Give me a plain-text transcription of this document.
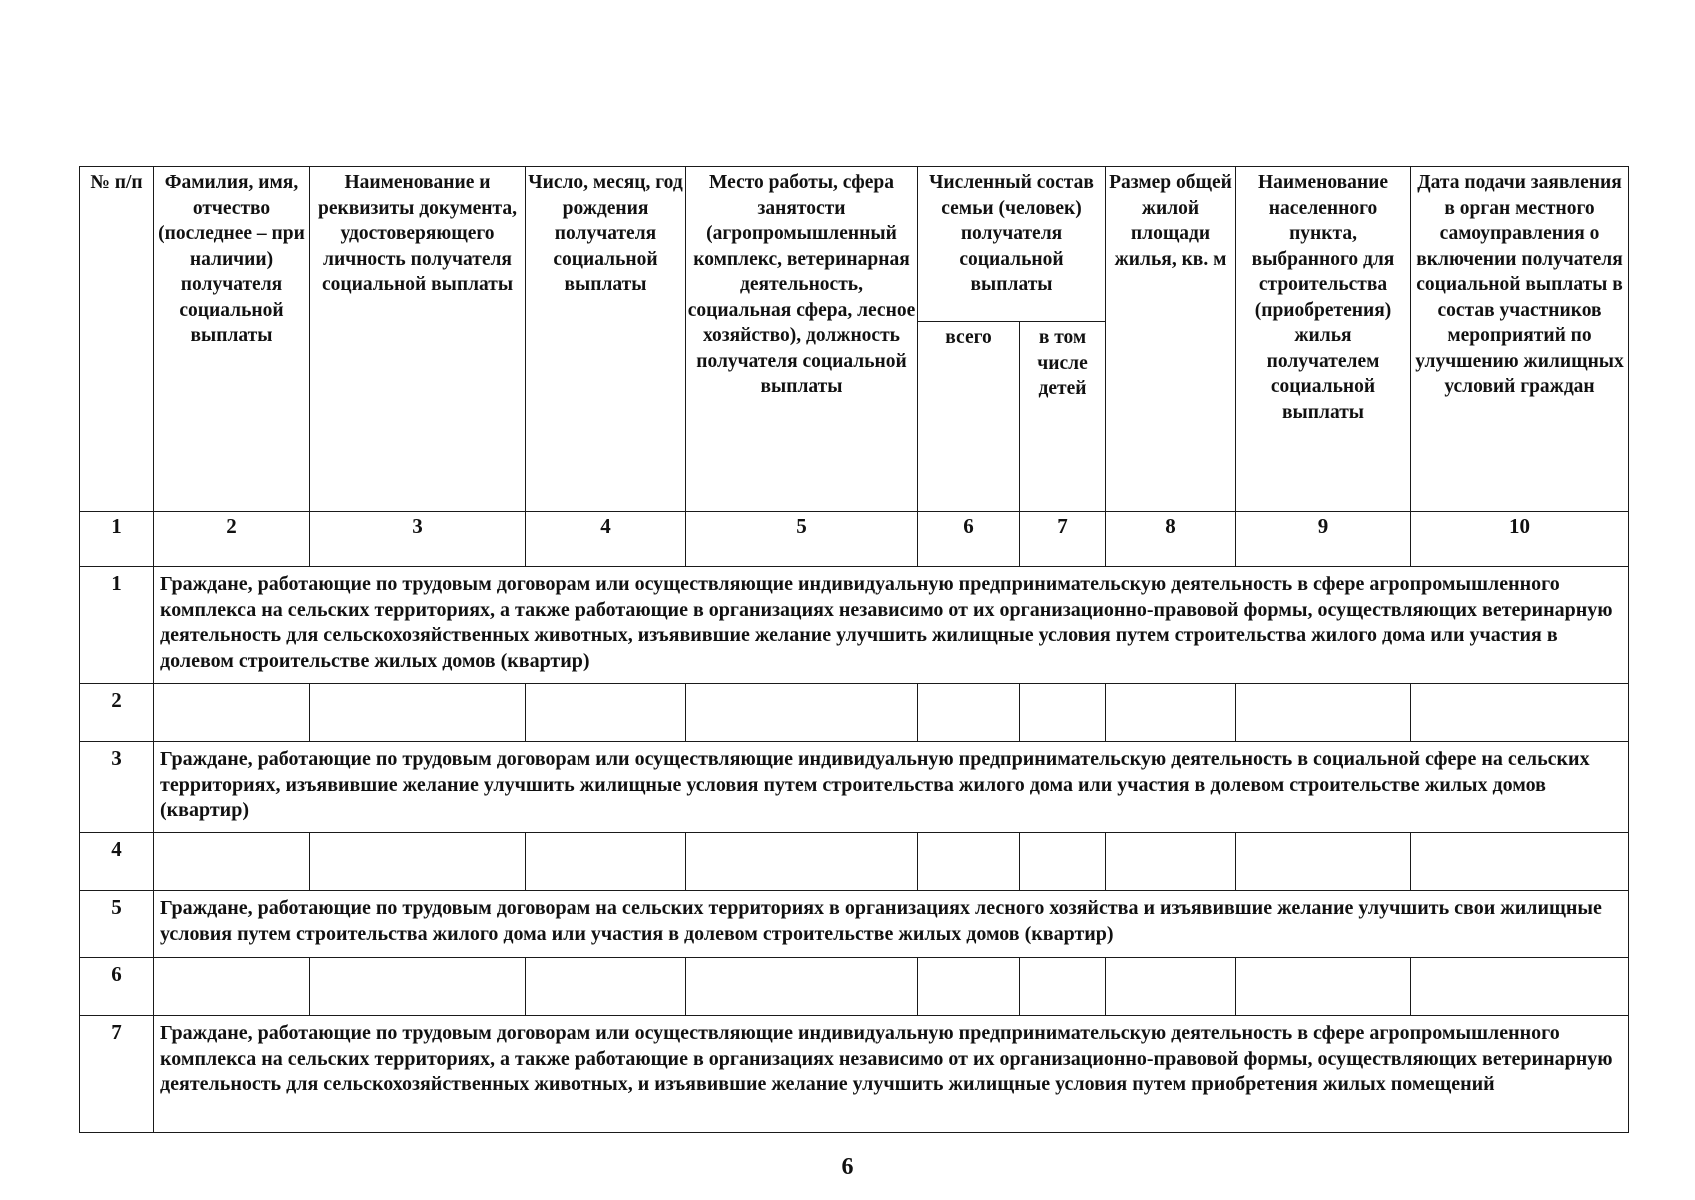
№ п/п	Фамилия, имя, отчество (последнее – при наличии) получателя социальной выплаты	Наименование и реквизиты документа, удостоверяющего личность получателя социальной выплаты	Число, месяц, год рождения получателя социальной выплаты	Место работы, сфера занятости (агропромышленный комплекс, ветеринарная деятельность, социальная сфера, лесное хозяйство), должность получателя социальной выплаты	Численный состав семьи (человек) получателя социальной выплаты		Размер общей жилой площади жилья, кв. м	Наименование населенного пункта, выбранного для строительства (приобретения) жилья получателем социальной выплаты	Дата подачи заявления в орган местного самоуправления о включении получателя социальной выплаты в состав участников мероприятий по улучшению жилищных условий граждан
					всего	в том числе детей			
1	2	3	4	5	6	7	8	9	10
1	Граждане, работающие по трудовым договорам или осуществляющие индивидуальную предпринимательскую деятельность в сфере агропромышленного комплекса на сельских территориях, а также работающие в организациях независимо от их организационно-правовой формы, осуществляющих ветеринарную деятельность для сельскохозяйственных животных, изъявившие желание улучшить жилищные условия путем строительства жилого дома или участия в долевом строительстве жилых домов (квартир)								
2									
3	Граждане, работающие по трудовым договорам или осуществляющие индивидуальную предпринимательскую деятельность в социальной сфере на сельских территориях, изъявившие желание улучшить жилищные условия путем строительства жилого дома или участия в долевом строительстве жилых домов (квартир)								
4									
5	Граждане, работающие по трудовым договорам на сельских территориях в организациях лесного хозяйства и изъявившие желание улучшить свои жилищные условия путем строительства жилого дома или участия в долевом строительстве жилых домов (квартир)								
6									
7	Граждане, работающие по трудовым договорам или осуществляющие индивидуальную предпринимательскую деятельность в сфере агропромышленного комплекса на сельских территориях, а также работающие в организациях независимо от их организационно-правовой формы, осуществляющих ветеринарную деятельность для сельскохозяйственных животных, и изъявившие желание улучшить жилищные условия путем приобретения жилых помещений								
6
